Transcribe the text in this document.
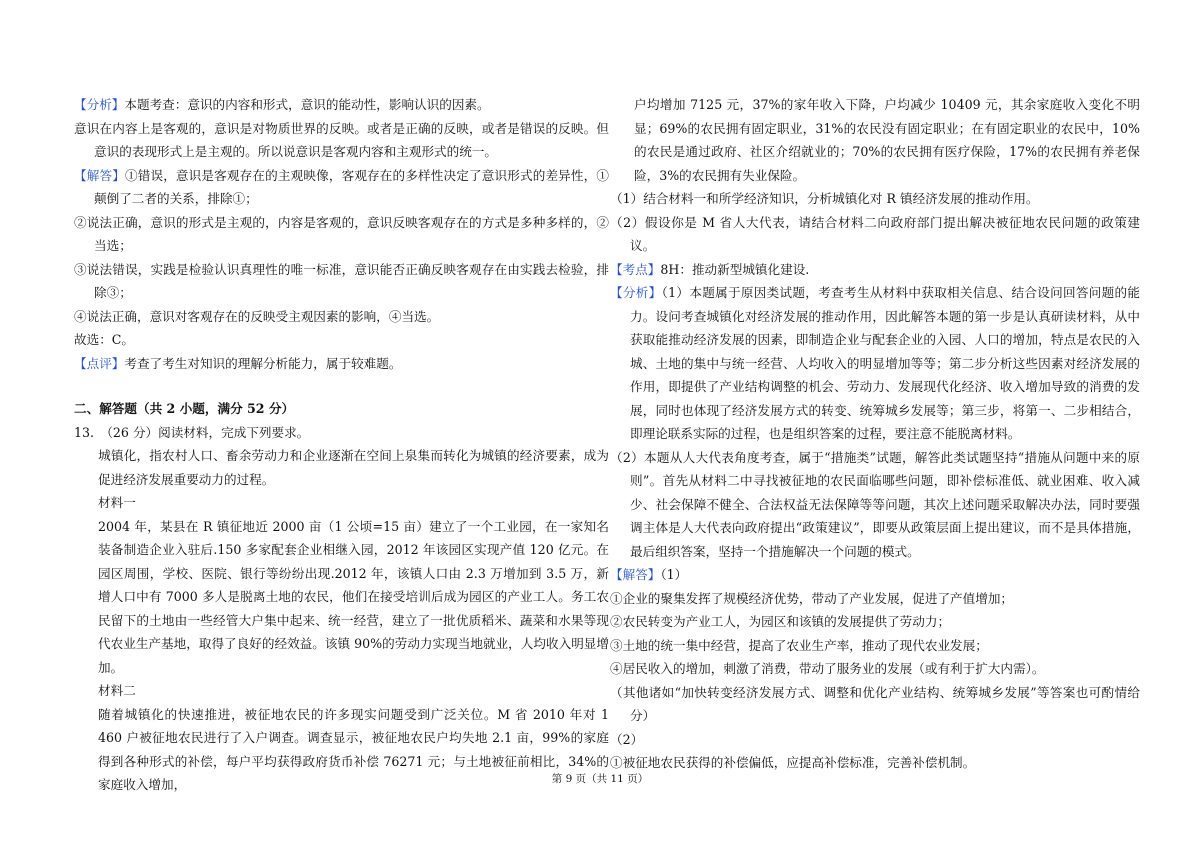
【分析】本题考查：意识的内容和形式，意识的能动性，影响认识的因素。

意识在内容上是客观的，意识是对物质世界的反映。或者是正确的反映，或者是错误的反映。但意识的表现形式上是主观的。所以说意识是客观内容和主观形式的统一。

【解答】①错误，意识是客观存在的主观映像，客观存在的多样性决定了意识形式的差异性，①颠倒了二者的关系，排除①；

②说法正确，意识的形式是主观的，内容是客观的，意识反映客观存在的方式是多种多样的，②当选；

③说法错误，实践是检验认识真理性的唯一标准，意识能否正确反映客观存在由实践去检验，排除③；

④说法正确，意识对客观存在的反映受主观因素的影响，④当选。

故选：C。

【点评】考查了考生对知识的理解分析能力，属于较难题。

二、解答题（共 2 小题，满分 52 分）

13.　（26 分）阅读材料，完成下列要求。

城镇化，指农村人口、畜余劳动力和企业逐渐在空间上泉集而转化为城镇的经济要素，成为促进经济发展重要动力的过程。

材料一

2004 年，某县在 R 镇征地近 2000 亩（1 公顷=15 亩）建立了一个工业园，在一家知名装备制造企业入驻后.150 多家配套企业相继入园，2012 年该园区实现产值 120 亿元。在园区周围，学校、医院、银行等纷纷出现.2012 年，该镇人口由 2.3 万增加到 3.5 万，新增人口中有 7000 多人是脱离土地的农民，他们在接受培训后成为园区的产业工人。务工农民留下的土地由一些经管大户集中起来、统一经营，建立了一批优质稻米、蔬菜和水果等现代农业生产基地，取得了良好的经效益。该镇 90%的劳动力实现当地就业，人均收入明显增加。

材料二

随着城镇化的快速推进，被征地农民的许多现实问题受到广泛关位。M 省 2010 年对 1 460 户被征地农民进行了入户调查。调查显示，被征地农民户均失地 2.1 亩，99%的家庭得到各种形式的补偿，每户平均获得政府货币补偿 76271 元；与土地被征前相比，34%的家庭收入增加，

户均增加 7125 元，37%的家年收入下降，户均减少 10409 元，其余家庭收入变化不明显；69%的农民拥有固定职业，31%的农民没有固定职业；在有固定职业的农民中，10%的农民是通过政府、社区介绍就业的；70%的农民拥有医疗保险，17%的农民拥有养老保险，3%的农民拥有失业保险。

（1）结合材料一和所学经济知识，分析城镇化对 R 镇经济发展的推动作用。

（2）假设你是 M 省人大代表，请结合材料二向政府部门提出解决被征地农民问题的政策建议。

【考点】8H：推动新型城镇化建设.

【分析】（1）本题属于原因类试题，考查考生从材料中获取相关信息、结合设问回答问题的能力。设问考查城镇化对经济发展的推动作用，因此解答本题的第一步是认真研读材料，从中获取能推动经济发展的因素，即制造企业与配套企业的入园、人口的增加，特点是农民的入城、土地的集中与统一经营、人均收入的明显增加等等；第二步分析这些因素对经济发展的作用，即提供了产业结构调整的机会、劳动力、发展现代化经济、收入增加导致的消费的发展，同时也体现了经济发展方式的转变、统筹城乡发展等；第三步，将第一、二步相结合，即理论联系实际的过程，也是组织答案的过程，要注意不能脱离材料。

（2）本题从人大代表角度考查，属于“措施类”试题，解答此类试题坚持“措施从问题中来的原则”。首先从材料二中寻找被征地的农民面临哪些问题，即补偿标准低、就业困难、收入减少、社会保障不健全、合法权益无法保障等等问题，其次上述问题采取解决办法，同时要强调主体是人大代表向政府提出“政策建议”，即要从政策层面上提出建议，而不是具体措施，最后组织答案，坚持一个措施解决一个问题的模式。

【解答】（1）

①企业的聚集发挥了规模经济优势，带动了产业发展，促进了产值增加；

②农民转变为产业工人，为园区和该镇的发展提供了劳动力；

③土地的统一集中经营，提高了农业生产率，推动了现代农业发展；

④居民收入的增加，刺激了消费，带动了服务业的发展（或有利于扩大内需）。

（其他诸如“加快转变经济发展方式、调整和优化产业结构、统筹城乡发展”等答案也可酌情给分）

（2）

①被征地农民获得的补偿偏低，应提高补偿标准，完善补偿机制。

第 9 页（共 11 页）
